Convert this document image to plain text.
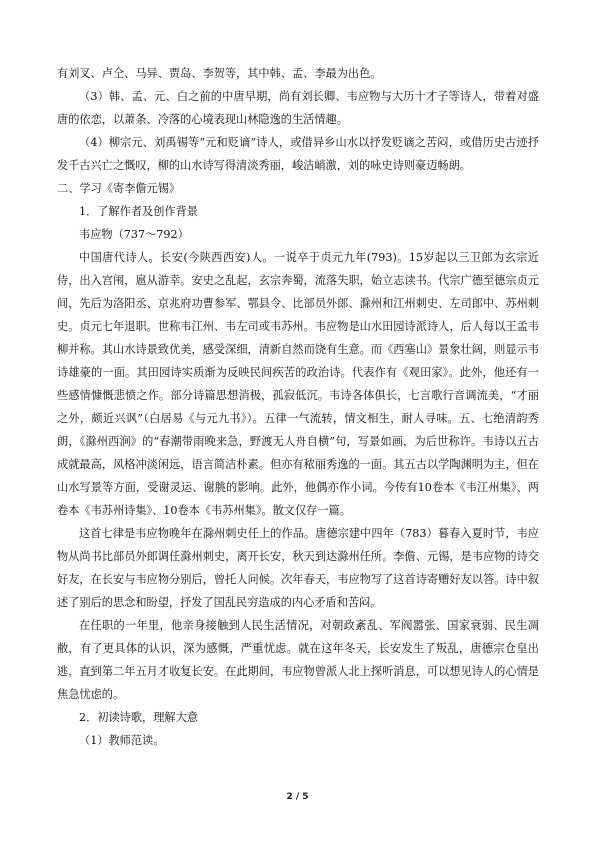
有刘叉、卢仝、马异、贾岛、李贺等，其中韩、孟、李最为出色。

（3）韩、孟、元、白之前的中唐早期，尚有刘长卿、韦应物与大历十才子等诗人，带着对盛唐的依恋，以萧条、冷落的心境表现山林隐逸的生活情趣。

（4）柳宗元、刘禹锡等“元和贬谪”诗人，或借异乡山水以抒发贬谪之苦闷，或借历史古迹抒发千古兴亡之慨叹，柳的山水诗写得清淡秀丽，峻洁峭激，刘的咏史诗则豪迈畅朗。

二、学习《寄李儋元锡》

1．了解作者及创作背景

韦应物（737～792）

中国唐代诗人。长安(今陕西西安)人。一说卒于贞元九年(793)。15岁起以三卫郎为玄宗近侍，出入宫闱，扈从游幸。安史之乱起，玄宗奔蜀，流落失职，始立志读书。代宗广德至德宗贞元间，先后为洛阳丞、京兆府功曹参军、鄂县令、比部员外郎、滁州和江州刺史、左司郎中、苏州刺史。贞元七年退职。世称韦江州、韦左司或韦苏州。韦应物是山水田园诗派诗人，后人每以王孟韦柳并称。其山水诗景致优美，感受深细，清新自然而饶有生意。而《西塞山》景象壮阔，则显示韦诗雄豪的一面。其田园诗实质渐为反映民间疾苦的政治诗。代表作有《观田家》。此外，他还有一些感情慷慨悲愤之作。部分诗篇思想消极，孤寂低沉。韦诗各体俱长，七言歌行音调流美，“才丽之外，颇近兴讽”（白居易《与元九书》）。五律一气流转，情文相生，耐人寻味。五、七绝清韵秀朗，《滁州西涧》的“春潮带雨晚来急，野渡无人舟自横”句，写景如画，为后世称许。韦诗以五古成就最高，风格冲淡闲远，语言简洁朴素。但亦有秾丽秀逸的一面。其五古以学陶渊明为主，但在山水写景等方面，受谢灵运、谢朓的影响。此外，他偶亦作小词。今传有10卷本《韦江州集》、两卷本《韦苏州诗集》、10卷本《韦苏州集》。散文仅存一篇。

这首七律是韦应物晚年在滁州刺史任上的作品。唐德宗建中四年（783）暮春入夏时节，韦应物从尚书比部员外郎调任滁州刺史，离开长安，秋天到达滁州任所。李儋、元锡，是韦应物的诗交好友，在长安与韦应物分别后，曾托人问候。次年春天，韦应物写了这首诗寄赠好友以答。诗中叙述了别后的思念和盼望，抒发了国乱民穷造成的内心矛盾和苦闷。

在任职的一年里，他亲身接触到人民生活情况，对朝政紊乱、军阀嚣张、国家衰弱、民生凋敝，有了更具体的认识，深为感慨，严重忧虑。就在这年冬天，长安发生了叛乱，唐德宗仓皇出逃，直到第二年五月才收复长安。在此期间，韦应物曾派人北上探听消息，可以想见诗人的心情是焦急忧虑的。

2．初读诗歌，理解大意

（1）教师范读。

2 / 5
